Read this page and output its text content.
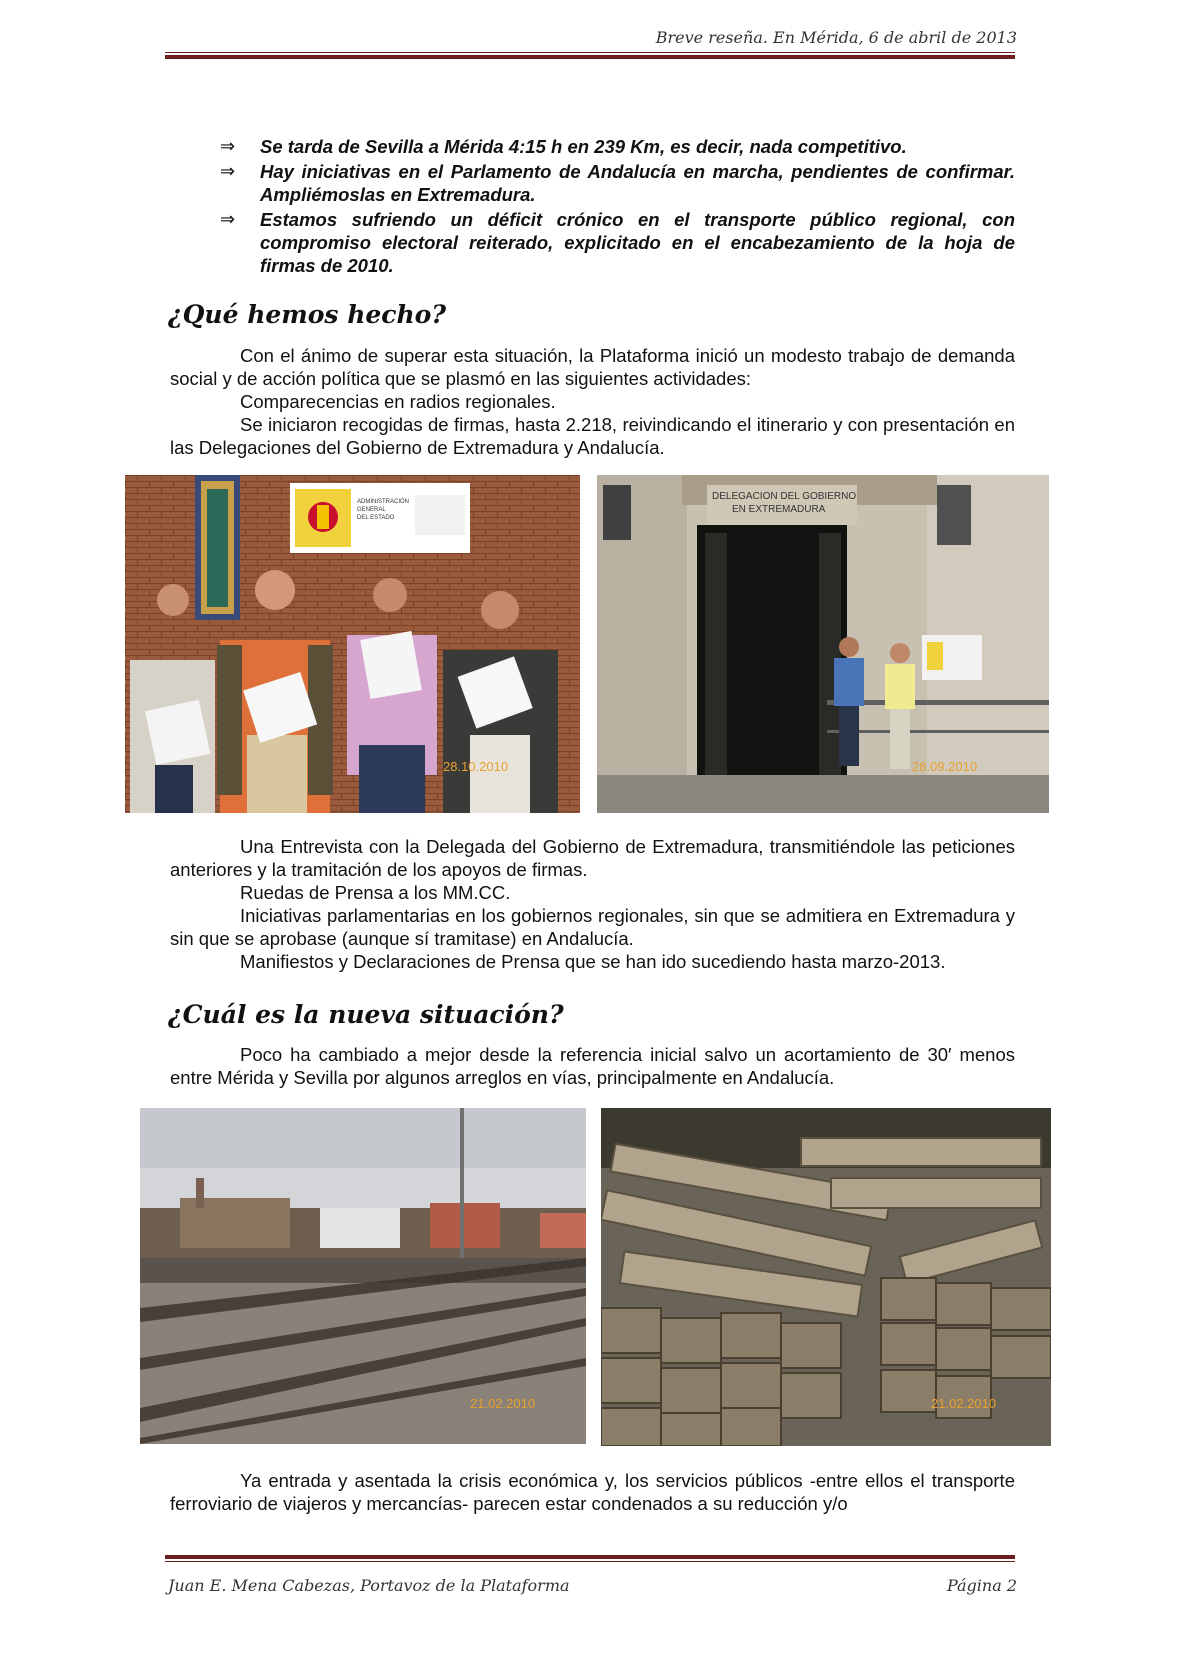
Breve reseña. En Mérida, 6 de abril de 2013
⇒ Se tarda de Sevilla a Mérida 4:15 h en 239 Km, es decir, nada competitivo.
⇒ Hay iniciativas en el Parlamento de Andalucía en marcha, pendientes de confirmar. Ampliémoslas en Extremadura.
⇒ Estamos sufriendo un déficit crónico en el transporte público regional, con compromiso electoral reiterado, explicitado en el encabezamiento de la hoja de firmas de 2010.
¿Qué hemos hecho?

Con el ánimo de superar esta situación, la Plataforma inició un modesto trabajo de demanda social y de acción política que se plasmó en las siguientes actividades:

Comparecencias en radios regionales.

Se iniciaron recogidas de firmas, hasta 2.218, reivindicando el itinerario y con presentación en las Delegaciones del Gobierno de Extremadura y Andalucía.

ADMINISTRACIÓN
GENERAL
DEL ESTADO
28.10.2010
DELEGACION DEL GOBIERNO
EN EXTREMADURA
28.09.2010

Una Entrevista con la Delegada del Gobierno de Extremadura, transmitiéndole las peticiones anteriores y la tramitación de los apoyos de firmas.

Ruedas de Prensa a los MM.CC.

Iniciativas parlamentarias en los gobiernos regionales, sin que se admitiera en Extremadura y sin que se aprobase (aunque sí tramitase) en Andalucía.

Manifiestos y Declaraciones de Prensa que se han ido sucediendo hasta marzo-2013.

¿Cuál es la nueva situación?

Poco ha cambiado a mejor desde la referencia inicial salvo un acortamiento de 30′ menos entre Mérida y Sevilla por algunos arreglos en vías, principalmente en Andalucía.

21.02.2010	21.02.2010

Ya entrada y asentada la crisis económica y, los servicios públicos -entre ellos el transporte ferroviario de viajeros y mercancías- parecen estar condenados a su reducción y/o

Juan E. Mena Cabezas, Portavoz de la Plataforma	Página 2
